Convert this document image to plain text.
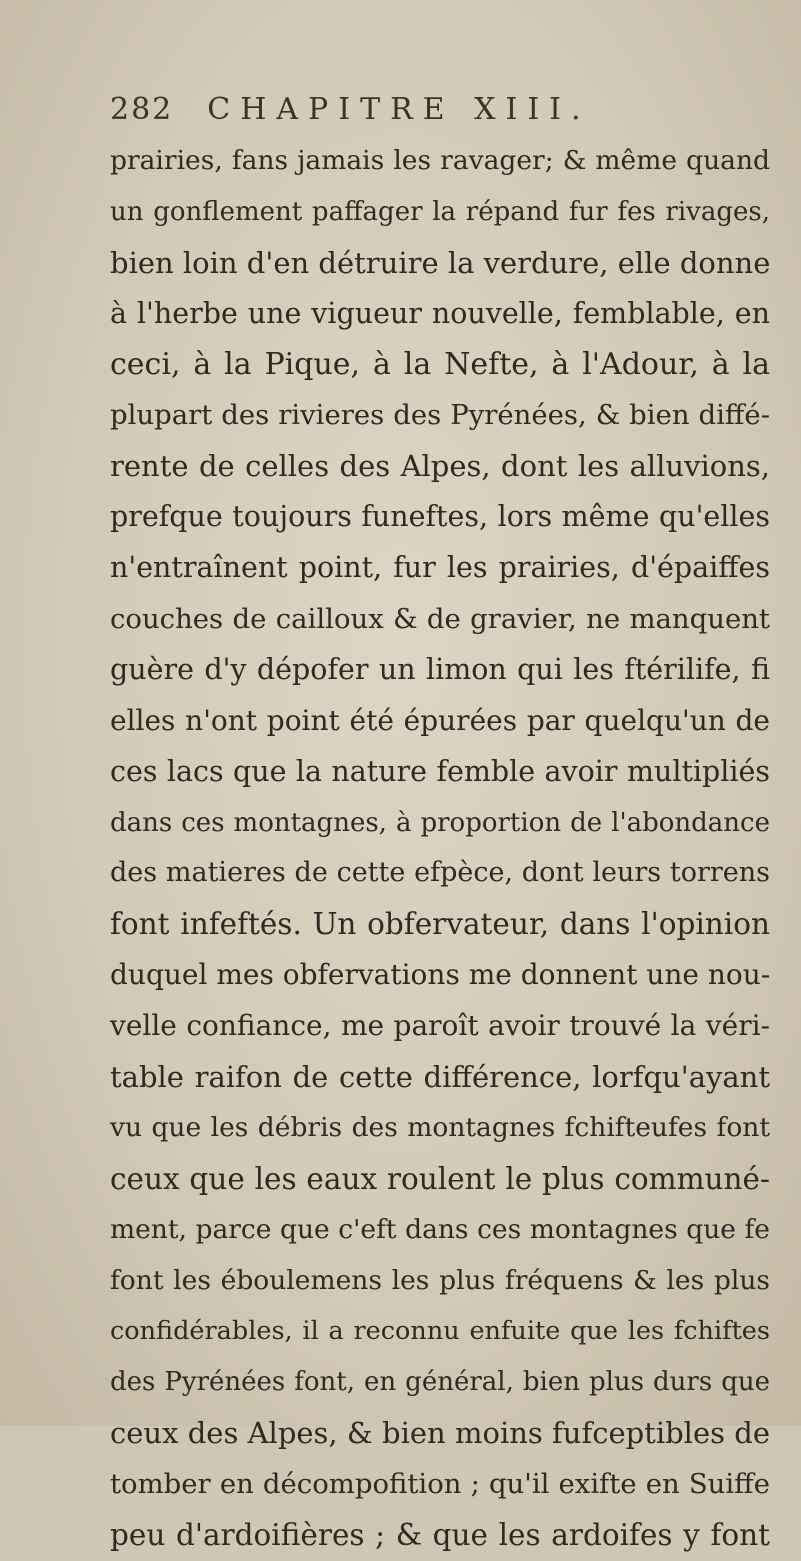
282 CHAPITRE XIII.
prairies, fans jamais les ravager; & même quand
un gonflement paffager la répand fur fes rivages,
bien loin d'en détruire la verdure, elle donne
à l'herbe une vigueur nouvelle, femblable, en
ceci, à la Pique, à la Nefte, à l'Adour, à la
plupart des rivieres des Pyrénées, & bien diffé-
rente de celles des Alpes, dont les alluvions,
prefque toujours funeftes, lors même qu'elles
n'entraînent point, fur les prairies, d'épaiffes
couches de cailloux & de gravier, ne manquent
guère d'y dépofer un limon qui les ftérilife, fi
elles n'ont point été épurées par quelqu'un de
ces lacs que la nature femble avoir multipliés
dans ces montagnes, à proportion de l'abondance
des matieres de cette efpèce, dont leurs torrens
font infeftés. Un obfervateur, dans l'opinion
duquel mes obfervations me donnent une nou-
velle confiance, me paroît avoir trouvé la véri-
table raifon de cette différence, lorfqu'ayant
vu que les débris des montagnes fchifteufes font
ceux que les eaux roulent le plus communé-
ment, parce que c'eft dans ces montagnes que fe
font les éboulemens les plus fréquens & les plus
confidérables, il a reconnu enfuite que les fchiftes
des Pyrénées font, en général, bien plus durs que
ceux des Alpes, & bien moins fufceptibles de
tomber en décompofition ; qu'il exifte en Suiffe
peu d'ardoifières ; & que les ardoifes y font
